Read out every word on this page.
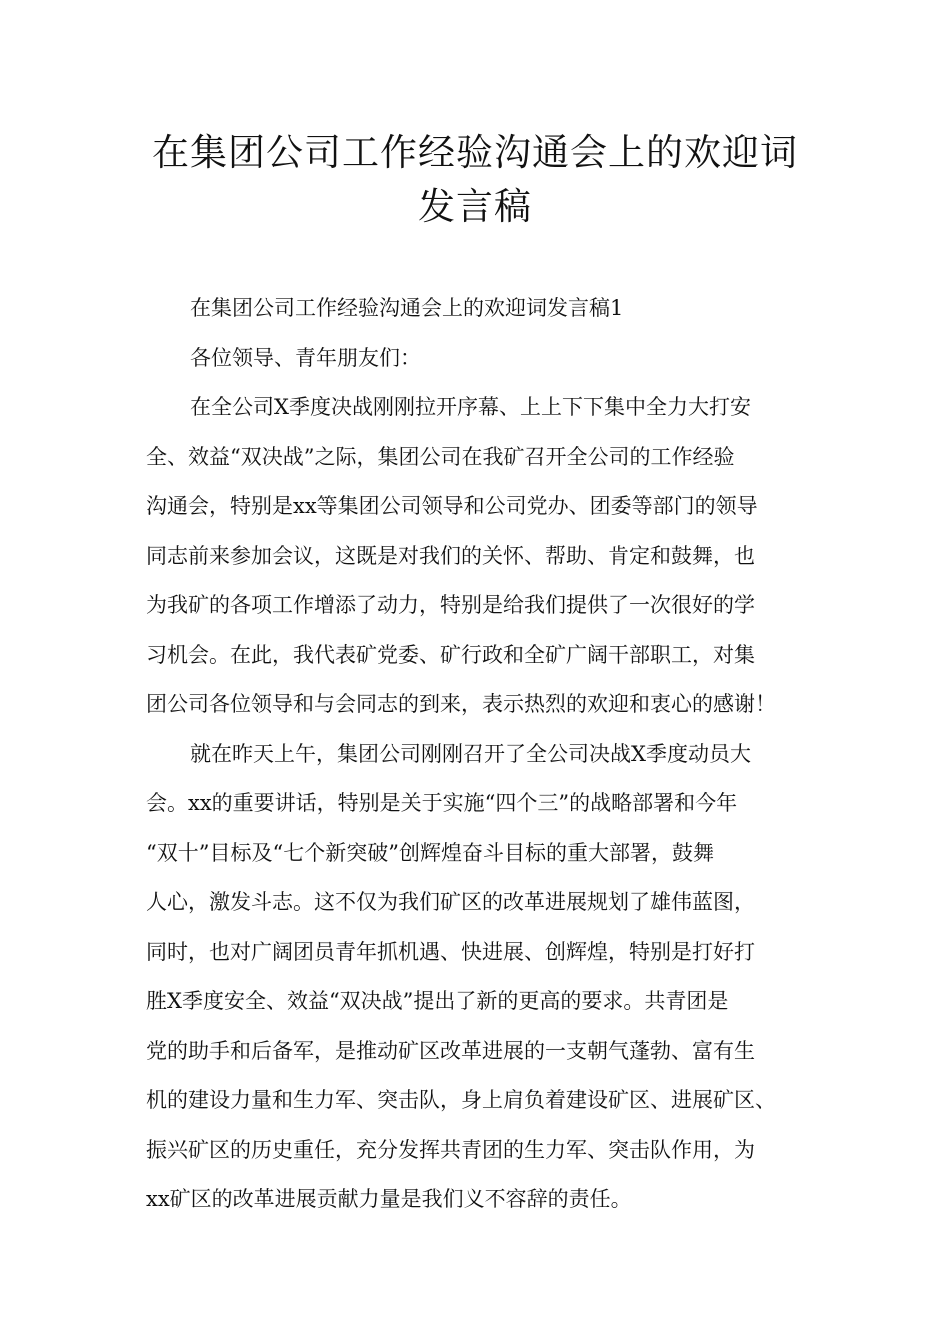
在集团公司工作经验沟通会上的欢迎词
发言稿
在集团公司工作经验沟通会上的欢迎词发言稿1
各位领导、青年朋友们：
在全公司X季度决战刚刚拉开序幕、上上下下集中全力大打安
全、效益“双决战”之际，集团公司在我矿召开全公司的工作经验
沟通会，特别是xx等集团公司领导和公司党办、团委等部门的领导
同志前来参加会议，这既是对我们的关怀、帮助、肯定和鼓舞，也
为我矿的各项工作增添了动力，特别是给我们提供了一次很好的学
习机会。在此，我代表矿党委、矿行政和全矿广阔干部职工，对集
团公司各位领导和与会同志的到来，表示热烈的欢迎和衷心的感谢！
就在昨天上午，集团公司刚刚召开了全公司决战X季度动员大
会。xx的重要讲话，特别是关于实施“四个三”的战略部署和今年
“双十”目标及“七个新突破”创辉煌奋斗目标的重大部署，鼓舞
人心，激发斗志。这不仅为我们矿区的改革进展规划了雄伟蓝图，
同时，也对广阔团员青年抓机遇、快进展、创辉煌，特别是打好打
胜X季度安全、效益“双决战”提出了新的更高的要求。共青团是
党的助手和后备军，是推动矿区改革进展的一支朝气蓬勃、富有生
机的建设力量和生力军、突击队，身上肩负着建设矿区、进展矿区、
振兴矿区的历史重任，充分发挥共青团的生力军、突击队作用，为
xx矿区的改革进展贡献力量是我们义不容辞的责任。
